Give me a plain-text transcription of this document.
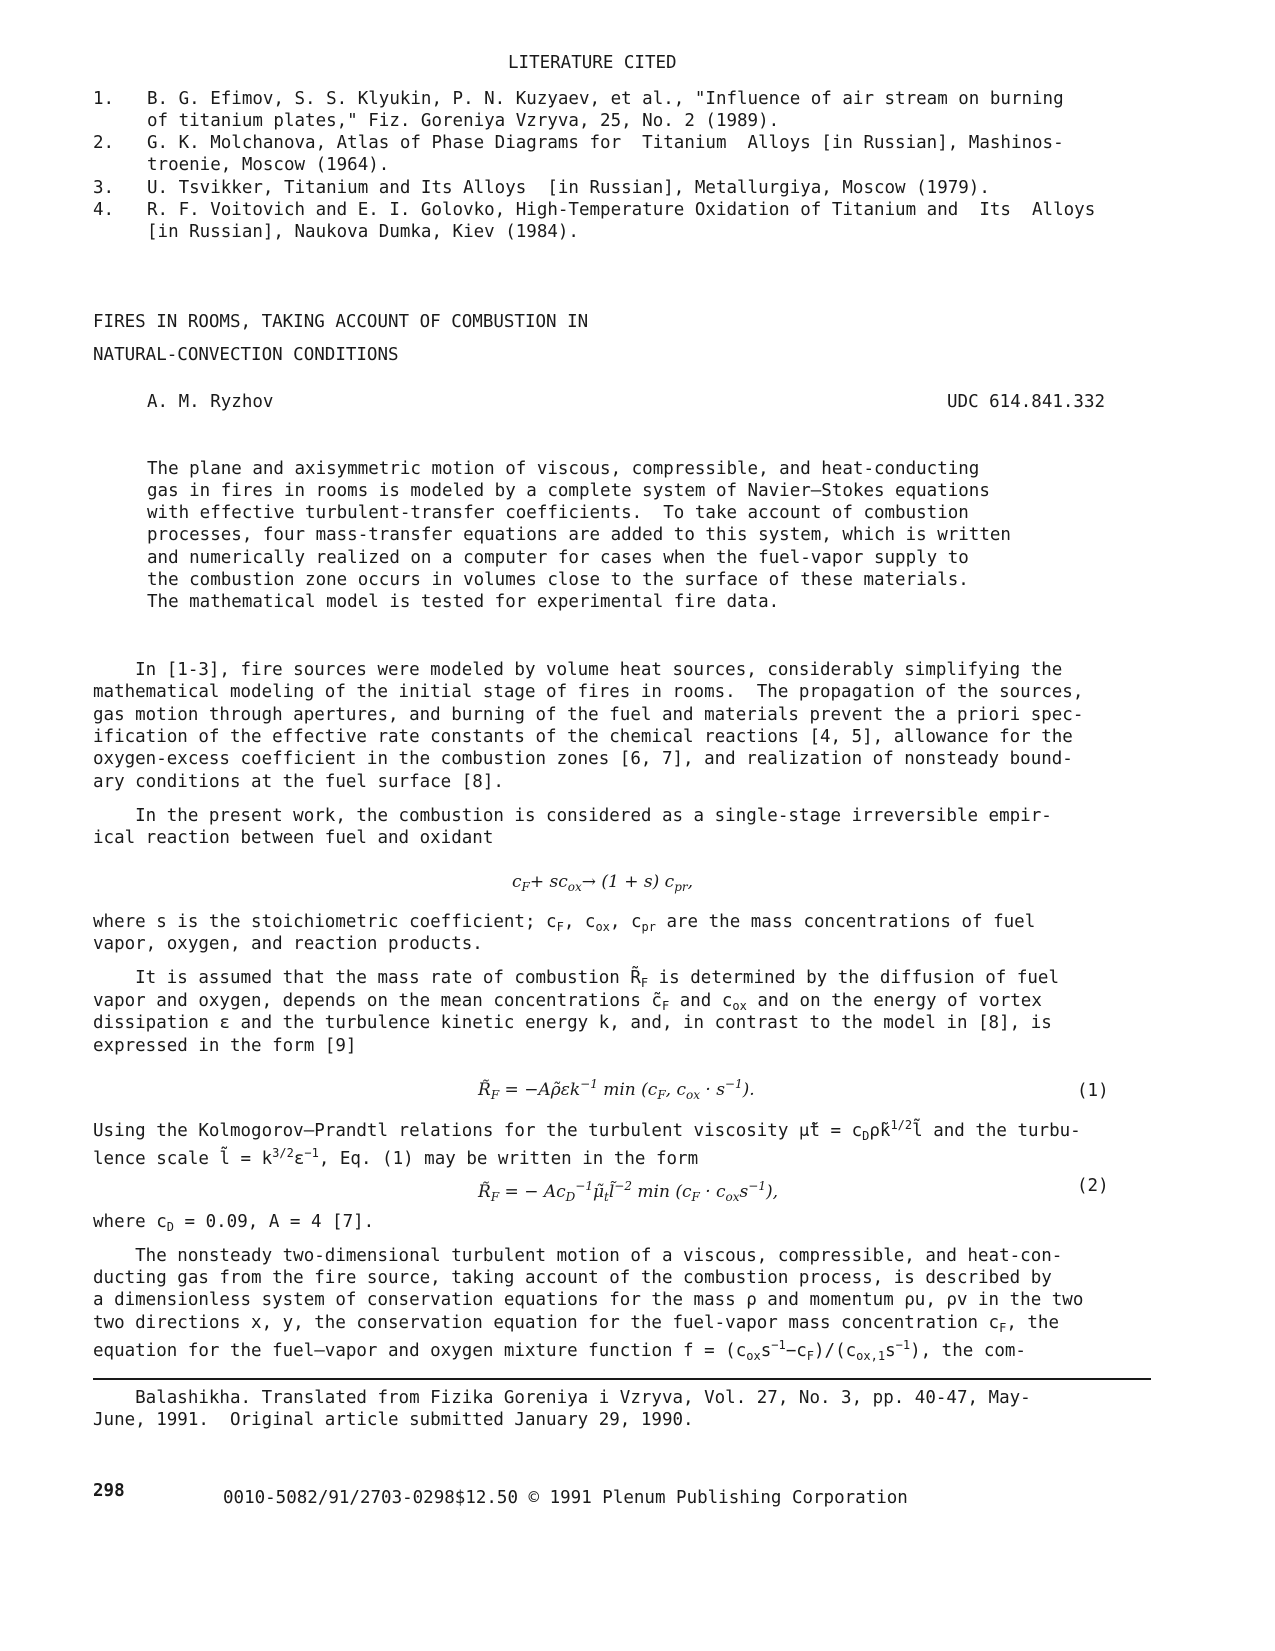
LITERATURE CITED
1. B. G. Efimov, S. S. Klyukin, P. N. Kuzyaev, et al., "Influence of air stream on burning
of titanium plates," Fiz. Goreniya Vzryva, 25, No. 2 (1989).
2. G. K. Molchanova, Atlas of Phase Diagrams for  Titanium  Alloys [in Russian], Mashinos-
troenie, Moscow (1964).
3. U. Tsvikker, Titanium and Its Alloys  [in Russian], Metallurgiya, Moscow (1979).
4. R. F. Voitovich and E. I. Golovko, High-Temperature Oxidation of Titanium and  Its  Alloys
[in Russian], Naukova Dumka, Kiev (1984).
FIRES IN ROOMS, TAKING ACCOUNT OF COMBUSTION IN
NATURAL-CONVECTION CONDITIONS
A. M. Ryzhov	UDC 614.841.332
The plane and axisymmetric motion of viscous, compressible, and heat-conducting
gas in fires in rooms is modeled by a complete system of Navier—Stokes equations
with effective turbulent-transfer coefficients.  To take account of combustion
processes, four mass-transfer equations are added to this system, which is written
and numerically realized on a computer for cases when the fuel-vapor supply to
the combustion zone occurs in volumes close to the surface of these materials.
The mathematical model is tested for experimental fire data.
In [1-3], fire sources were modeled by volume heat sources, considerably simplifying the
mathematical modeling of the initial stage of fires in rooms.  The propagation of the sources,
gas motion through apertures, and burning of the fuel and materials prevent the a priori spec-
ification of the effective rate constants of the chemical reactions [4, 5], allowance for the
oxygen-excess coefficient in the combustion zones [6, 7], and realization of nonsteady bound-
ary conditions at the fuel surface [8].
In the present work, the combustion is considered as a single-stage irreversible empir-
ical reaction between fuel and oxidant
$c_F+ sc_{ox}\to (1 + s)$ $c_{pr}$,
where s is the stoichiometric coefficient; $c_F$, $c_{ox}$, $c_{pr}$ are the mass concentrations of fuel
vapor, oxygen, and reaction products.
It is assumed that the mass rate of combustion $R̃_F$ is determined by the diffusion of fuel
vapor and oxygen, depends on the mean concentrations $c̃_F$ and $c_{ox}$ and on the energy of vortex
dissipation ε and the turbulence kinetic energy k, and, in contrast to the model in [8], is
expressed in the form [9]
$R̃_F$ = $-A\rhõ\varepsilon k^{-1}$ $\min (c_F$, $c_{ox} \cdot s^{-1}$).	(1)
Using the Kolmogorov—Prandtl relations for the turbulent viscosity μ̃t = $c_D\rhõk^{1/2}l̃$ and the turbu-
lence scale l̃ = $k^{3/2}\varepsilon^{-1}$, Eq. (1) may be written in the form
$R̃_F$ = − $Ac_D^{-1}\mũ_tl̃^{-2}$ $\min (c_F \cdot c_{ox}s^{-1})$,	(2)
where $c_D = 0.09$, A = 4 [7].
The nonsteady two-dimensional turbulent motion of a viscous, compressible, and heat-con-
ducting gas from the fire source, taking account of the combustion process, is described by
a dimensionless system of conservation equations for the mass ρ and momentum ρu, ρv in the two
two directions x, y, the conservation equation for the fuel-vapor mass concentration $c_F$, the
equation for the fuel—vapor and oxygen mixture function $f = (c_{ox}s^{-1}-c_F)/(c_{ox,1}s^{-1})$, the com-
Balashikha. Translated from Fizika Goreniya i Vzryva, Vol. 27, No. 3, pp. 40-47, May-
June, 1991.  Original article submitted January 29, 1990.
298	0010-5082/91/2703-0298$12.50 © 1991 Plenum Publishing Corporation
